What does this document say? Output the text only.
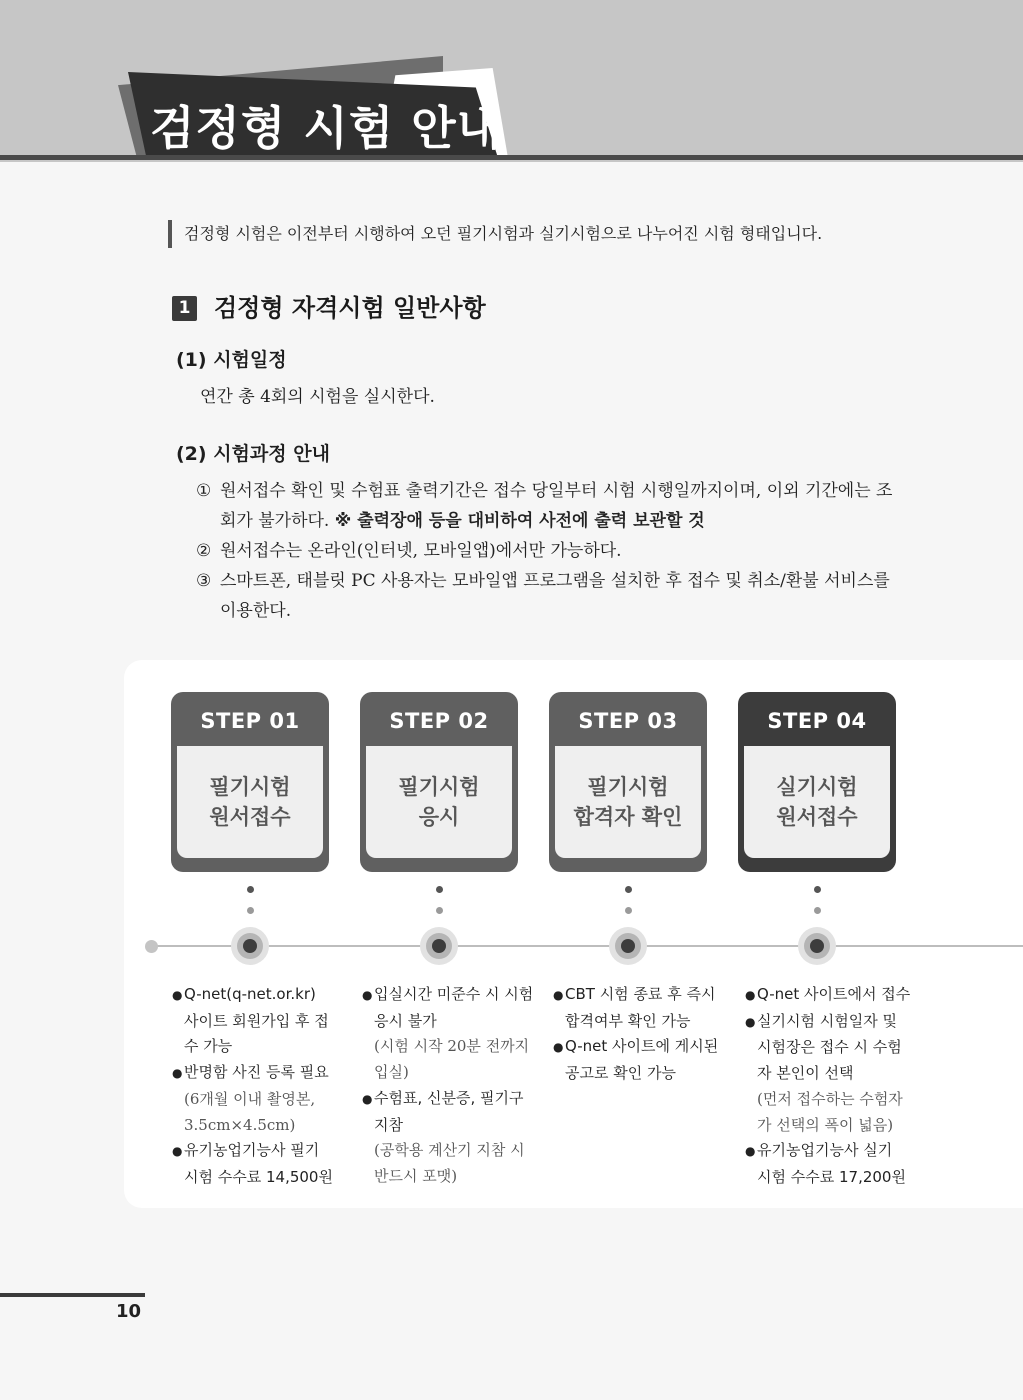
검정형 시험 안내
검정형 시험은 이전부터 시행하여 오던 필기시험과 실기시험으로 나누어진 시험 형태입니다.
1 검정형 자격시험 일반사항
(1) 시험일정
연간 총 4회의 시험을 실시한다.
(2) 시험과정 안내
① 원서접수 확인 및 수험표 출력기간은 접수 당일부터 시험 시행일까지이며, 이외 기간에는 조
회가 불가하다. ※ 출력장애 등을 대비하여 사전에 출력 보관할 것
② 원서접수는 온라인(인터넷, 모바일앱)에서만 가능하다.
③ 스마트폰, 태블릿 PC 사용자는 모바일앱 프로그램을 설치한 후 접수 및 취소/환불 서비스를
이용한다.
STEP 01
필기시험
원서접수
STEP 02
필기시험
응시
STEP 03
필기시험
합격자 확인
STEP 04
실기시험
원서접수
● Q-net(q-net.or.kr)
사이트 회원가입 후 접
수 가능
● 반명함 사진 등록 필요
(6개월 이내 촬영본,
3.5cm×4.5cm)
● 유기농업기능사 필기
시험 수수료 14,500원
● 입실시간 미준수 시 시험
응시 불가
(시험 시작 20분 전까지
입실)
● 수험표, 신분증, 필기구
지참
(공학용 계산기 지참 시
반드시 포맷)
● CBT 시험 종료 후 즉시
합격여부 확인 가능
● Q-net 사이트에 게시된
공고로 확인 가능
● Q-net 사이트에서 접수
● 실기시험 시험일자 및
시험장은 접수 시 수험
자 본인이 선택
(먼저 접수하는 수험자
가 선택의 폭이 넓음)
● 유기농업기능사 실기
시험 수수료 17,200원
10
